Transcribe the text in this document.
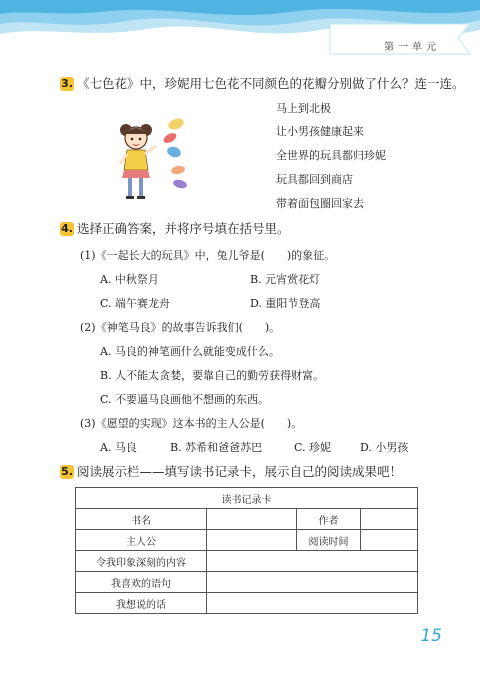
第一单元
3. 《七色花》中，珍妮用七色花不同颜色的花瓣分别做了什么？连一连。
马上到北极
让小男孩健康起来
全世界的玩具都归珍妮
玩具都回到商店
带着面包圈回家去
4. 选择正确答案，并将序号填在括号里。
(1)《一起长大的玩具》中，兔儿爷是(　　)的象征。
A. 中秋祭月	B. 元宵赏花灯
C. 端午赛龙舟	D. 重阳节登高
(2)《神笔马良》的故事告诉我们(　　)。
A. 马良的神笔画什么就能变成什么。
B. 人不能太贪婪，要靠自己的勤劳获得财富。
C. 不要逼马良画他不想画的东西。
(3)《愿望的实现》这本书的主人公是(　　)。
A. 马良	B. 苏希和爸爸苏巴	C. 珍妮	D. 小男孩
5. 阅读展示栏——填写读书记录卡，展示自己的阅读成果吧！
读书记录卡			
书名		作者	
主人公		阅读时间	
令我印象深刻的内容			
我喜欢的语句			
我想说的话			
15
